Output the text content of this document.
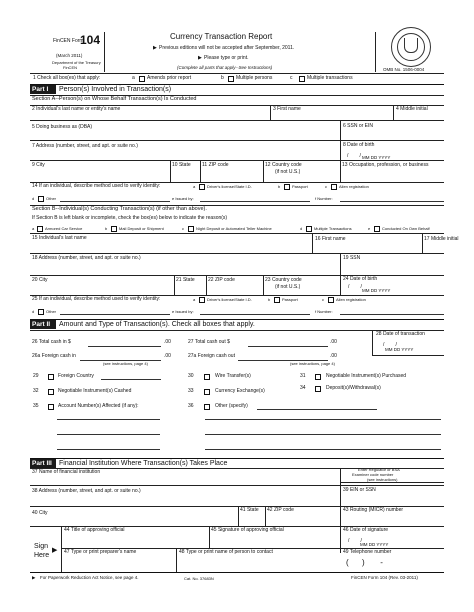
FinCEN Form
104
(March 2011)
Department of the Treasury
FinCEN
Currency Transaction Report
▶ Previous editions will not be accepted after September, 2011.
▶ Please type or print.
(Complete all parts that apply--See Instructions)	OMB No. 1506-0004
1 Check all box(es) that apply:	a Amends prior report	b Multiple persons	c	Multiple transactions
Part I	Person(s) Involved in Transaction(s)
Section A--Person(s) on Whose Behalf Transaction(s) Is Conducted
2 Individual's last name or entity's name	3 First name	4 Middle initial
5 Doing business as (DBA)	6 SSN or EIN
7 Address (number, street, and apt. or suite no.)	8 Date of birth
/        / MM DD YYYY
9 City	10 State 11 ZIP code	12 Country code
(if not U.S.)
13 Occupation, profession, or business
14 If an individual, describe method used to verify identity:	a	Driver's license/State I.D.	b	Passport	c	Alien registration
d	Other	e Issued by:	f Number:
Section B--Individual(s) Conducting Transaction(s) (if other than above).
If Section B is left blank or incomplete, check the box(es) below to indicate the reason(s)
a	Armored Car Service	b	Mail Deposit or Shipment	c	Night Deposit or Automated Teller Machine	d	Multiple Transactions	e	Conducted On Own Behalf
15 Individual's last name	16 First name	17 Middle initial
18 Address (number, street, and apt. or suite no.)	19 SSN
20 City	21 State	22 ZIP code	23 Country code
(if not U.S.)
24 Date of birth
/        /
MM DD YYYY
25 If an individual, describe method used to verify identity:	a	Driver's license/State I.D.	b	Passport	c	Alien registration
d	Other	e Issued by:	f Number:
Part II	Amount and Type of Transaction(s). Check all boxes that apply.
26 Total cash in $	.00
26a Foreign cash in	.00
(see instructions, page 4)
27 Total cash out $	.00
27a Foreign cash out	.00
(see instructions, page 4)
28 Date of transaction
/        /
MM DD YYYY
29	Foreign Country	30	Wire Transfer(s)	31	Negotiable Instrument(s) Purchased
32	Negotiable Instrument(s) Cashed	33	Currency Exchange(s)	34	Deposit(s)/Withdrawal(s)
35	Account Number(s) Affected (if any):	36	Other (specify)
Part III	Financial Institution Where Transaction(s) Takes Place
37 Name of financial institution	Enter Regulator or BSA
Examiner code number
(see instructions)
38 Address (number, street, and apt. or suite no.)	39 EIN or SSN
40 City	41 State 42 ZIP code	43 Routing (MICR) number
Sign
Here
▶
44 Title of approving official	45 Signature of approving official	46 Date of signature
/        /
MM DD YYYY
47 Type or print preparer's name	48 Type or print name of person to contact	49 Telephone number
(      )       -
▶ For Paperwork Reduction Act Notice, see page 4.	Cat. No. 37683N	FinCEN Form 104 (Rev. 03-2011)
